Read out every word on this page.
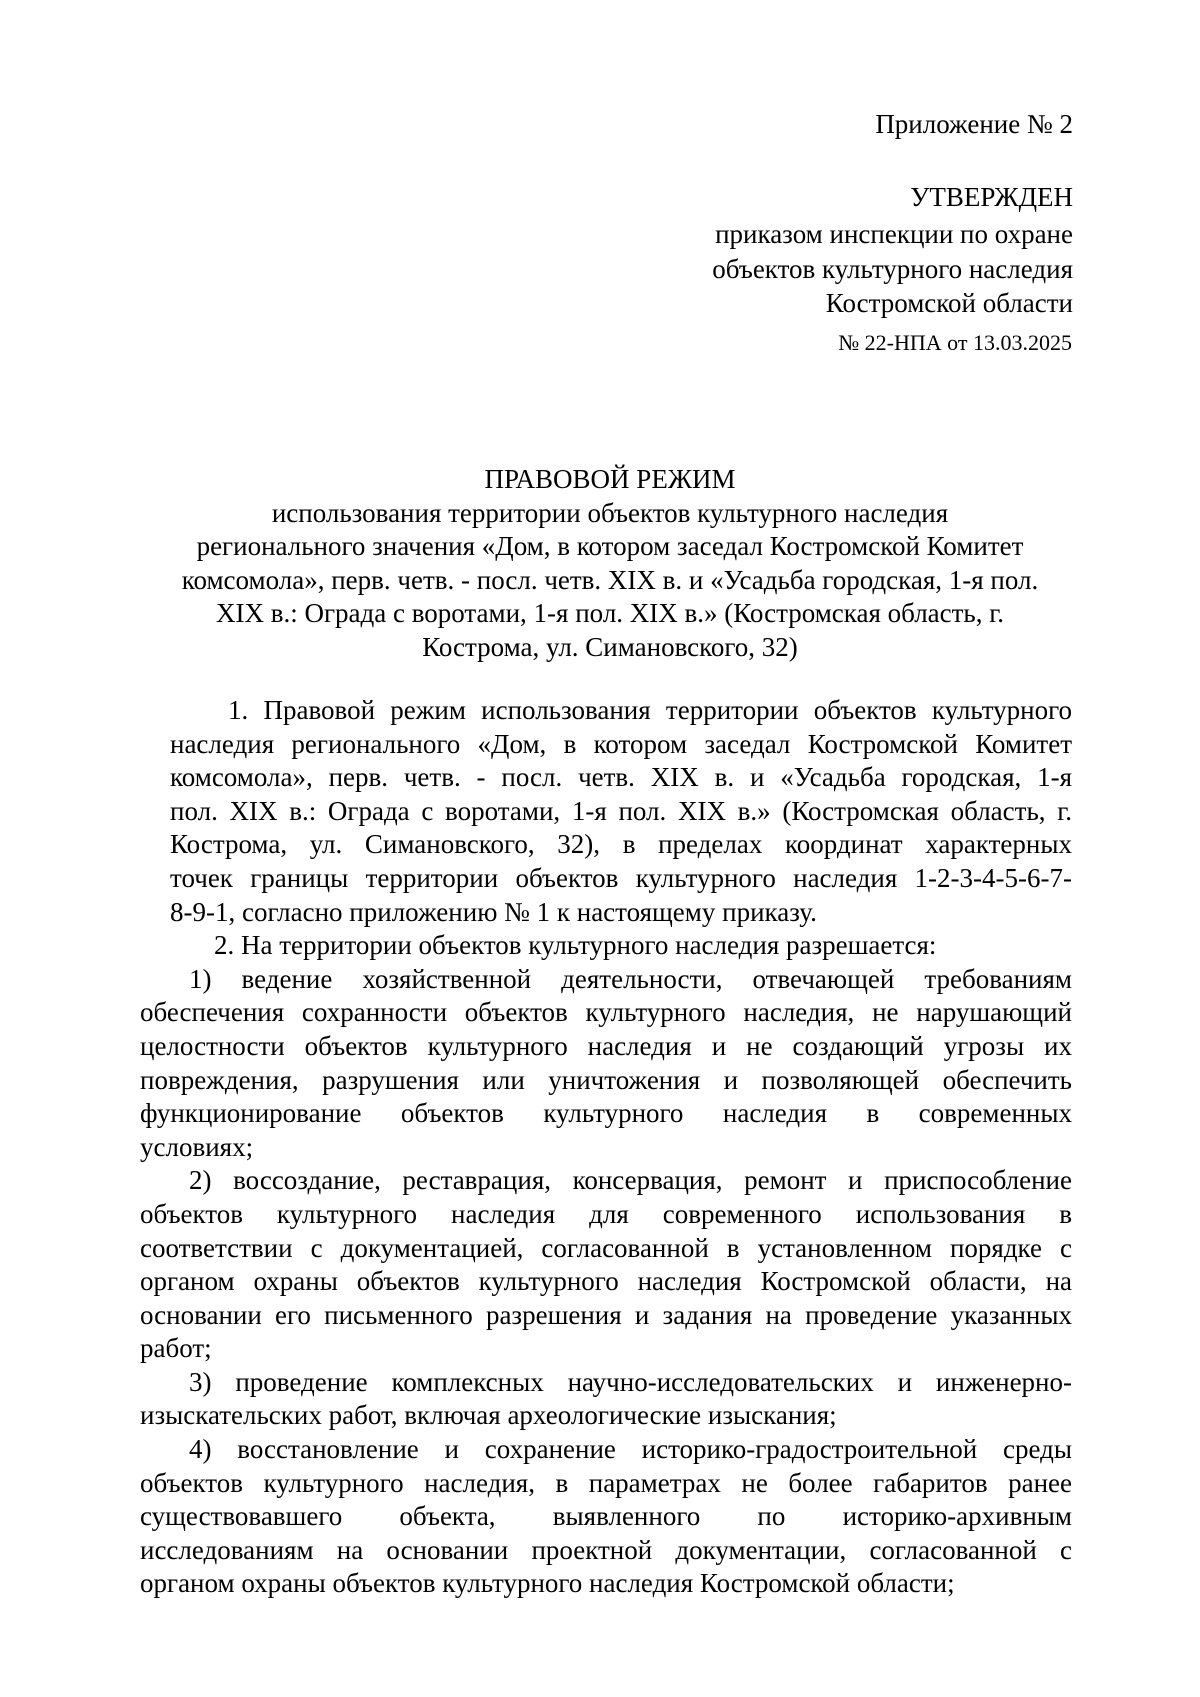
Приложение № 2
УТВЕРЖДЕН
приказом инспекции по охране
объектов культурного наследия
Костромской области
№ 22-НПА от 13.03.2025
ПРАВОВОЙ РЕЖИМ
использования территории объектов культурного наследия
регионального значения «Дом, в котором заседал Костромской Комитет
комсомола», перв. четв. - посл. четв. XIX в. и «Усадьба городская, 1-я пол.
XIX в.: Ограда с воротами, 1-я пол. XIX в.» (Костромская область, г.
Кострома, ул. Симановского, 32)
1. Правовой режим использования территории объектов культурного
наследия регионального «Дом, в котором заседал Костромской Комитет
комсомола», перв. четв. - посл. четв. XIX в. и «Усадьба городская, 1-я
пол. XIX в.: Ограда с воротами, 1-я пол. XIX в.» (Костромская область, г.
Кострома, ул. Симановского, 32), в пределах координат характерных
точек границы территории объектов культурного наследия 1-2-3-4-5-6-7-
8-9-1, согласно приложению № 1 к настоящему приказу.
2. На территории объектов культурного наследия разрешается:
1) ведение хозяйственной деятельности, отвечающей требованиям
обеспечения сохранности объектов культурного наследия, не нарушающий
целостности объектов культурного наследия и не создающий угрозы их
повреждения, разрушения или уничтожения и позволяющей обеспечить
функционирование объектов культурного наследия в современных
условиях;
2) воссоздание, реставрация, консервация, ремонт и приспособление
объектов культурного наследия для современного использования в
соответствии с документацией, согласованной в установленном порядке с
органом охраны объектов культурного наследия Костромской области, на
основании его письменного разрешения и задания на проведение указанных
работ;
3) проведение комплексных научно-исследовательских и инженерно-
изыскательских работ, включая археологические изыскания;
4) восстановление и сохранение историко-градостроительной среды
объектов культурного наследия, в параметрах не более габаритов ранее
существовавшего объекта, выявленного по историко-архивным
исследованиям на основании проектной документации, согласованной с
органом охраны объектов культурного наследия Костромской области;
